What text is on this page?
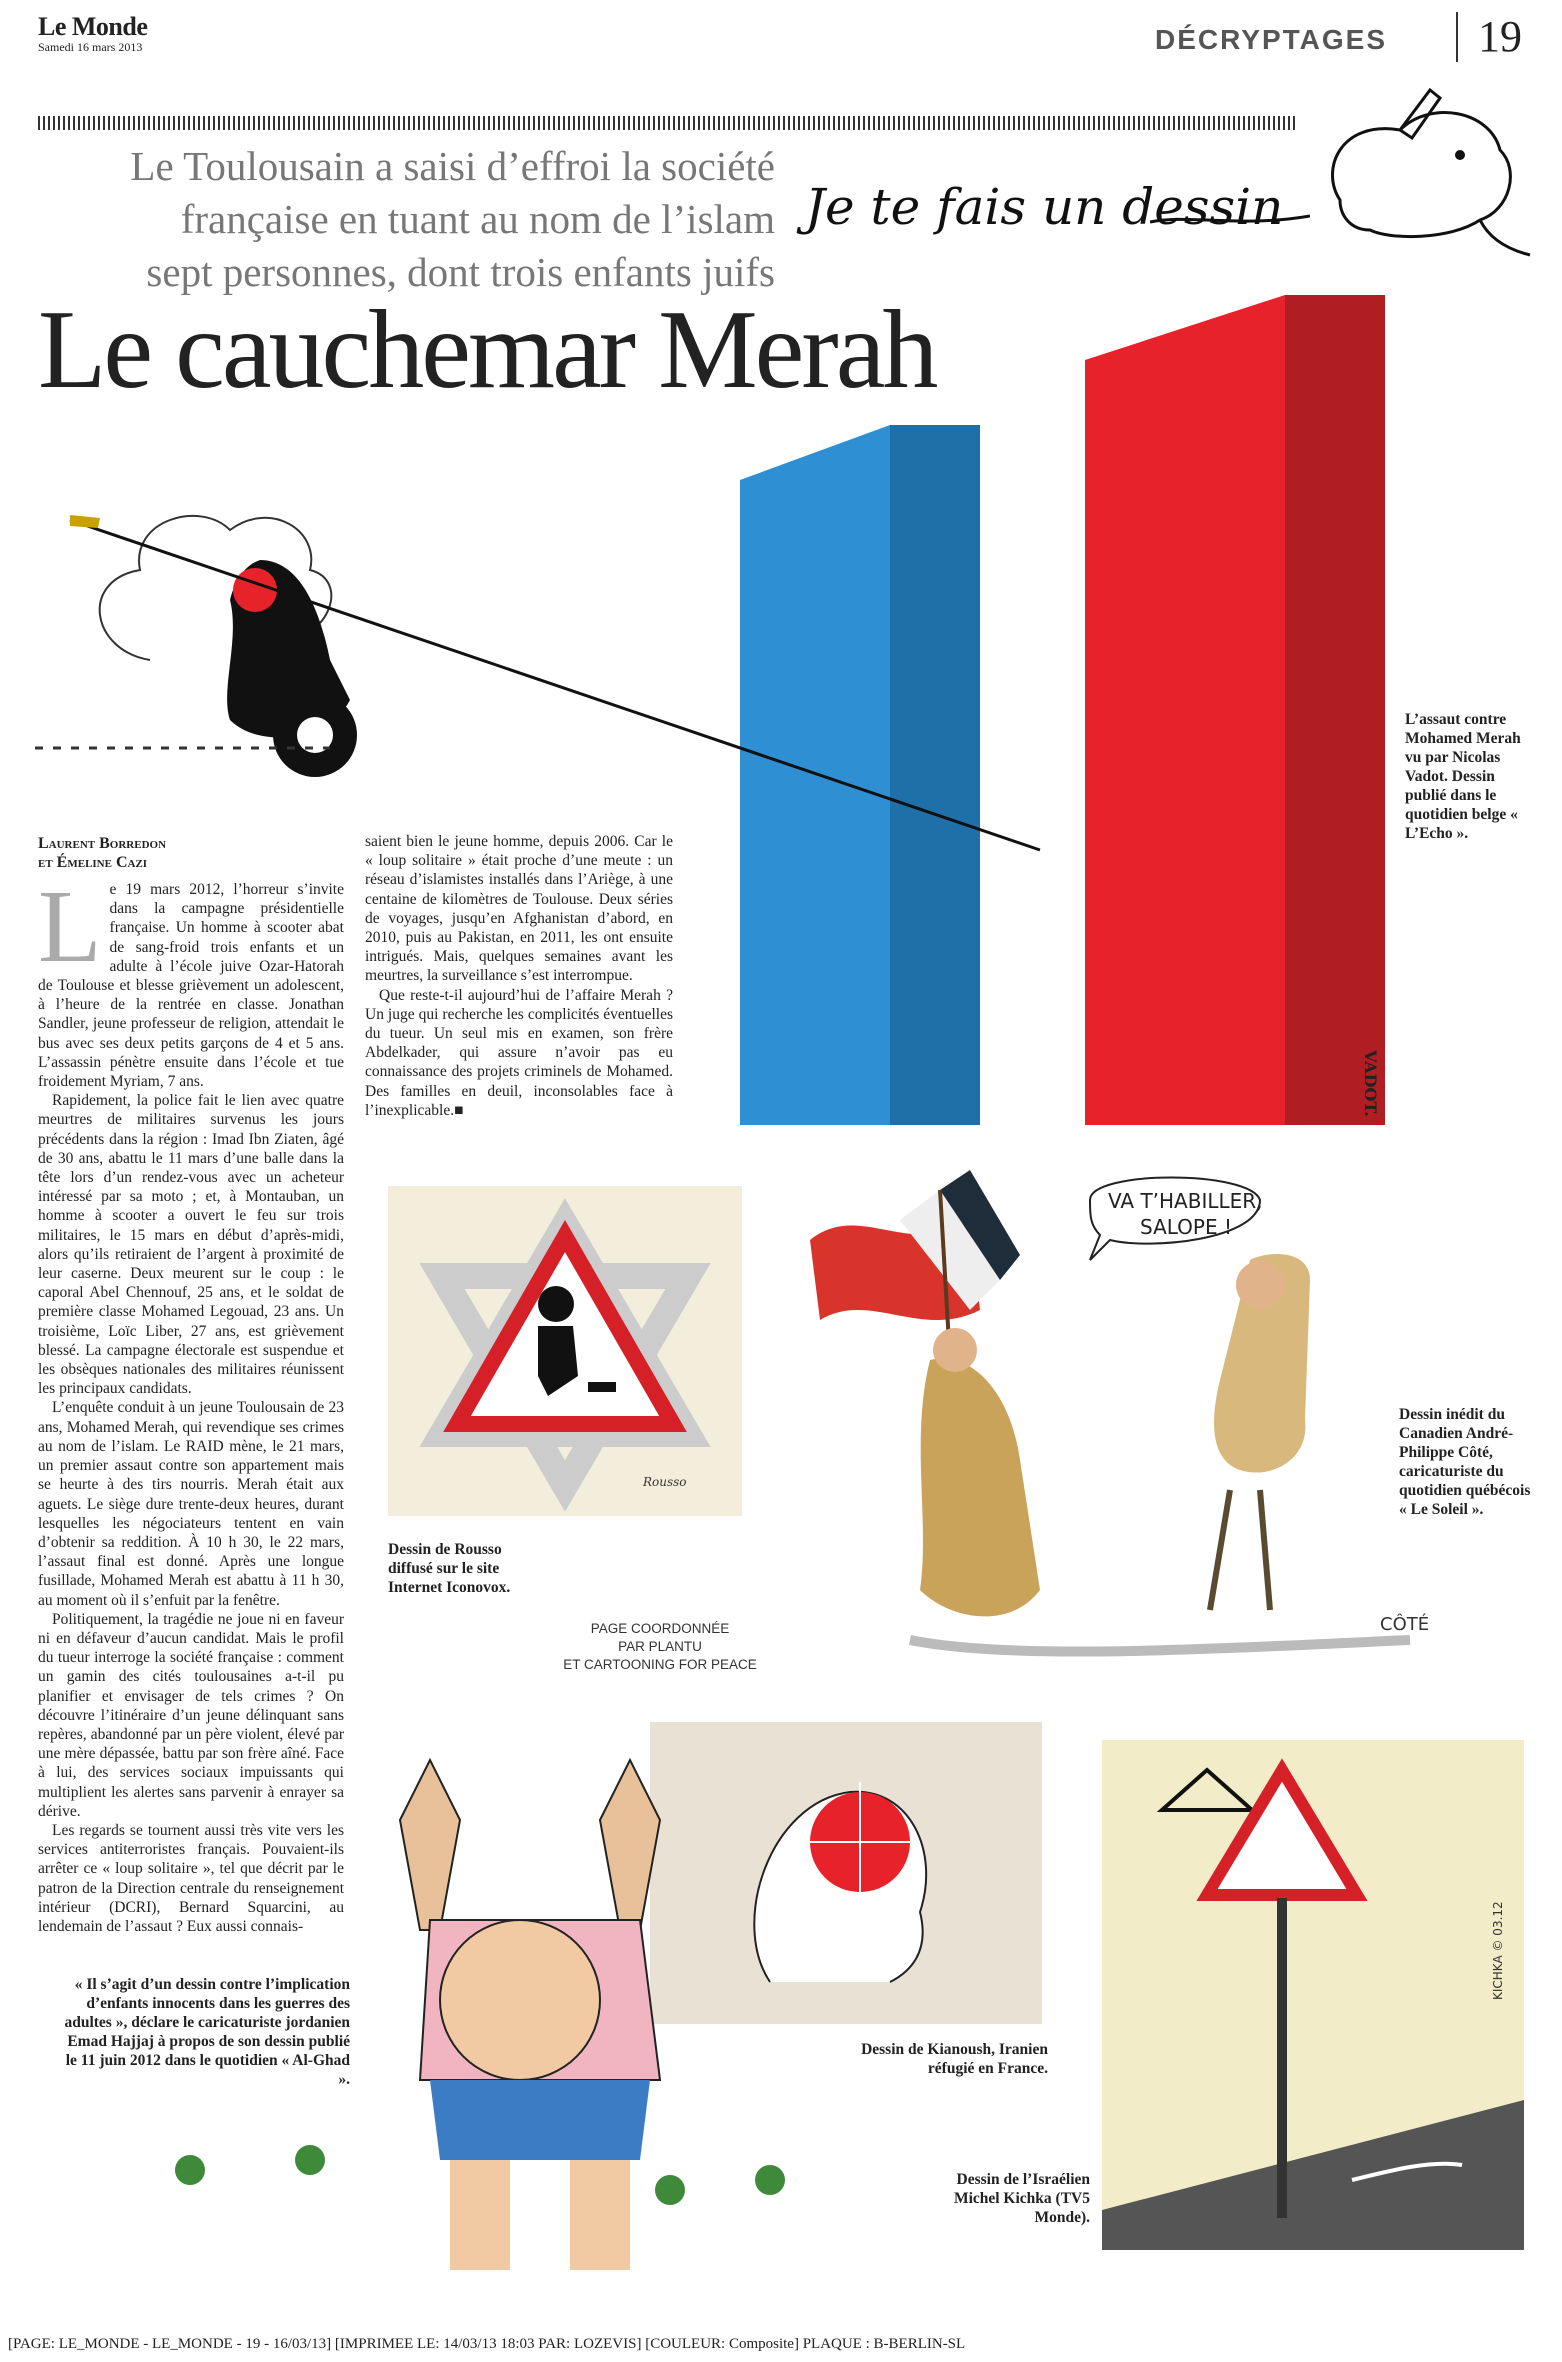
Le Monde
Samedi 16 mars 2013	DÉCRYPTAGES	19
Le Toulousain a saisi d’effroi la société
française en tuant au nom de l’islam
sept personnes, dont trois enfants juifs
Le cauchemar Merah
Je te fais un dessin
VADOT.
L’assaut contre Mohamed Merah vu par Nicolas Vadot. Dessin publié dans le quotidien belge « L’Echo ».
Laurent Borredon
et Émeline Cazi
L e 19 mars 2012, l’horreur s’invite dans la campagne présidentielle française. Un homme à scooter abat de sang-froid trois enfants et un adulte à l’école juive Ozar-Hatorah de Toulouse et blesse grièvement un adolescent, à l’heure de la rentrée en classe. Jonathan Sandler, jeune professeur de religion, attendait le bus avec ses deux petits garçons de 4 et 5 ans. L’assassin pénètre ensuite dans l’école et tue froidement Myriam, 7 ans.

Rapidement, la police fait le lien avec quatre meurtres de militaires survenus les jours précédents dans la région : Imad Ibn Ziaten, âgé de 30 ans, abattu le 11 mars d’une balle dans la tête lors d’un rendez-vous avec un acheteur intéressé par sa moto ; et, à Montauban, un homme à scooter a ouvert le feu sur trois militaires, le 15 mars en début d’après-midi, alors qu’ils retiraient de l’argent à proximité de leur caserne. Deux meurent sur le coup : le caporal Abel Chennouf, 25 ans, et le soldat de première classe Mohamed Legouad, 23 ans. Un troisième, Loïc Liber, 27 ans, est grièvement blessé. La campagne électorale est suspendue et les obsèques nationales des militaires réunissent les principaux candidats.

L’enquête conduit à un jeune Toulousain de 23 ans, Mohamed Merah, qui revendique ses crimes au nom de l’islam. Le RAID mène, le 21 mars, un premier assaut contre son appartement mais se heurte à des tirs nourris. Merah était aux aguets. Le siège dure trente-deux heures, durant lesquelles les négociateurs tentent en vain d’obtenir sa reddition. À 10 h 30, le 22 mars, l’assaut final est donné. Après une longue fusillade, Mohamed Merah est abattu à 11 h 30, au moment où il s’enfuit par la fenêtre.

Politiquement, la tragédie ne joue ni en faveur ni en défaveur d’aucun candidat. Mais le profil du tueur interroge la société française : comment un gamin des cités toulousaines a-t-il pu planifier et envisager de tels crimes ? On découvre l’itinéraire d’un jeune délinquant sans repères, abandonné par un père violent, élevé par une mère dépassée, battu par son frère aîné. Face à lui, des services sociaux impuissants qui multiplient les alertes sans parvenir à enrayer sa dérive.

Les regards se tournent aussi très vite vers les services antiterroristes français. Pouvaient-ils arrêter ce « loup solitaire », tel que décrit par le patron de la Direction centrale du renseignement intérieur (DCRI), Bernard Squarcini, au lendemain de l’assaut ? Eux aussi connais-

saient bien le jeune homme, depuis 2006. Car le « loup solitaire » était proche d’une meute : un réseau d’islamistes installés dans l’Ariège, à une centaine de kilomètres de Toulouse. Deux séries de voyages, jusqu’en Afghanistan d’abord, en 2010, puis au Pakistan, en 2011, les ont ensuite intrigués. Mais, quelques semaines avant les meurtres, la surveillance s’est interrompue.

Que reste-t-il aujourd’hui de l’affaire Merah ? Un juge qui recherche les complicités éventuelles du tueur. Un seul mis en examen, son frère Abdelkader, qui assure n’avoir pas eu connaissance des projets criminels de Mohamed. Des familles en deuil, inconsolables face à l’inexplicable.■

Rousso
Dessin de Rousso diffusé sur le site Internet Iconovox.
PAGE COORDONNÉE
PAR PLANTU
ET CARTOONING FOR PEACE
VA T’HABILLER,
SALOPE !
CÔTÉ
Dessin inédit du Canadien André-Philippe Côté, caricaturiste du quotidien québécois « Le Soleil ».
Dessin de Kianoush, Iranien réfugié en France.
KICHKA © 03.12
Dessin de l’Israélien Michel Kichka (TV5 Monde).
« Il s’agit d’un dessin contre l’implication d’enfants innocents dans les guerres des adultes », déclare le caricaturiste jordanien Emad Hajjaj à propos de son dessin publié le 11 juin 2012 dans le quotidien « Al-Ghad ».
[PAGE: LE_MONDE - LE_MONDE - 19 - 16/03/13] [IMPRIMEE LE: 14/03/13 18:03 PAR: LOZEVIS] [COULEUR: Composite] PLAQUE : B-BERLIN-SL
